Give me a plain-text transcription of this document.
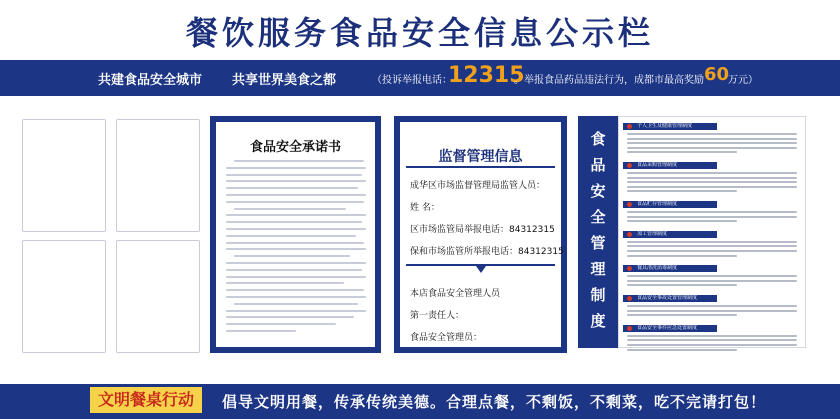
餐饮服务食品安全信息公示栏
共建食品安全城市 共享世界美食之都	（投诉举报电话：
12315
。举报食品药品违法行为，成都市最高奖励 60
万元）
食品安全承诺书
监督管理信息
成华区市场监督管理局监管人员：
姓 名：
区市场监管局举报电话：84312315
保和市场监管所举报电话：84312315
本店食品安全管理人员
第一责任人：
食品安全管理员：
食
品
安
全
管
理
制
度
个人卫生及健康管理制度
食品采购管理制度
食品贮存管理制度
加工管理制度
餐具清洗消毒制度
食品安全事故处置管理制度
食品安全事件应急处置制度
文明餐桌行动	倡导文明用餐，传承传统美德。合理点餐，不剩饭，不剩菜，吃不完请打包！
